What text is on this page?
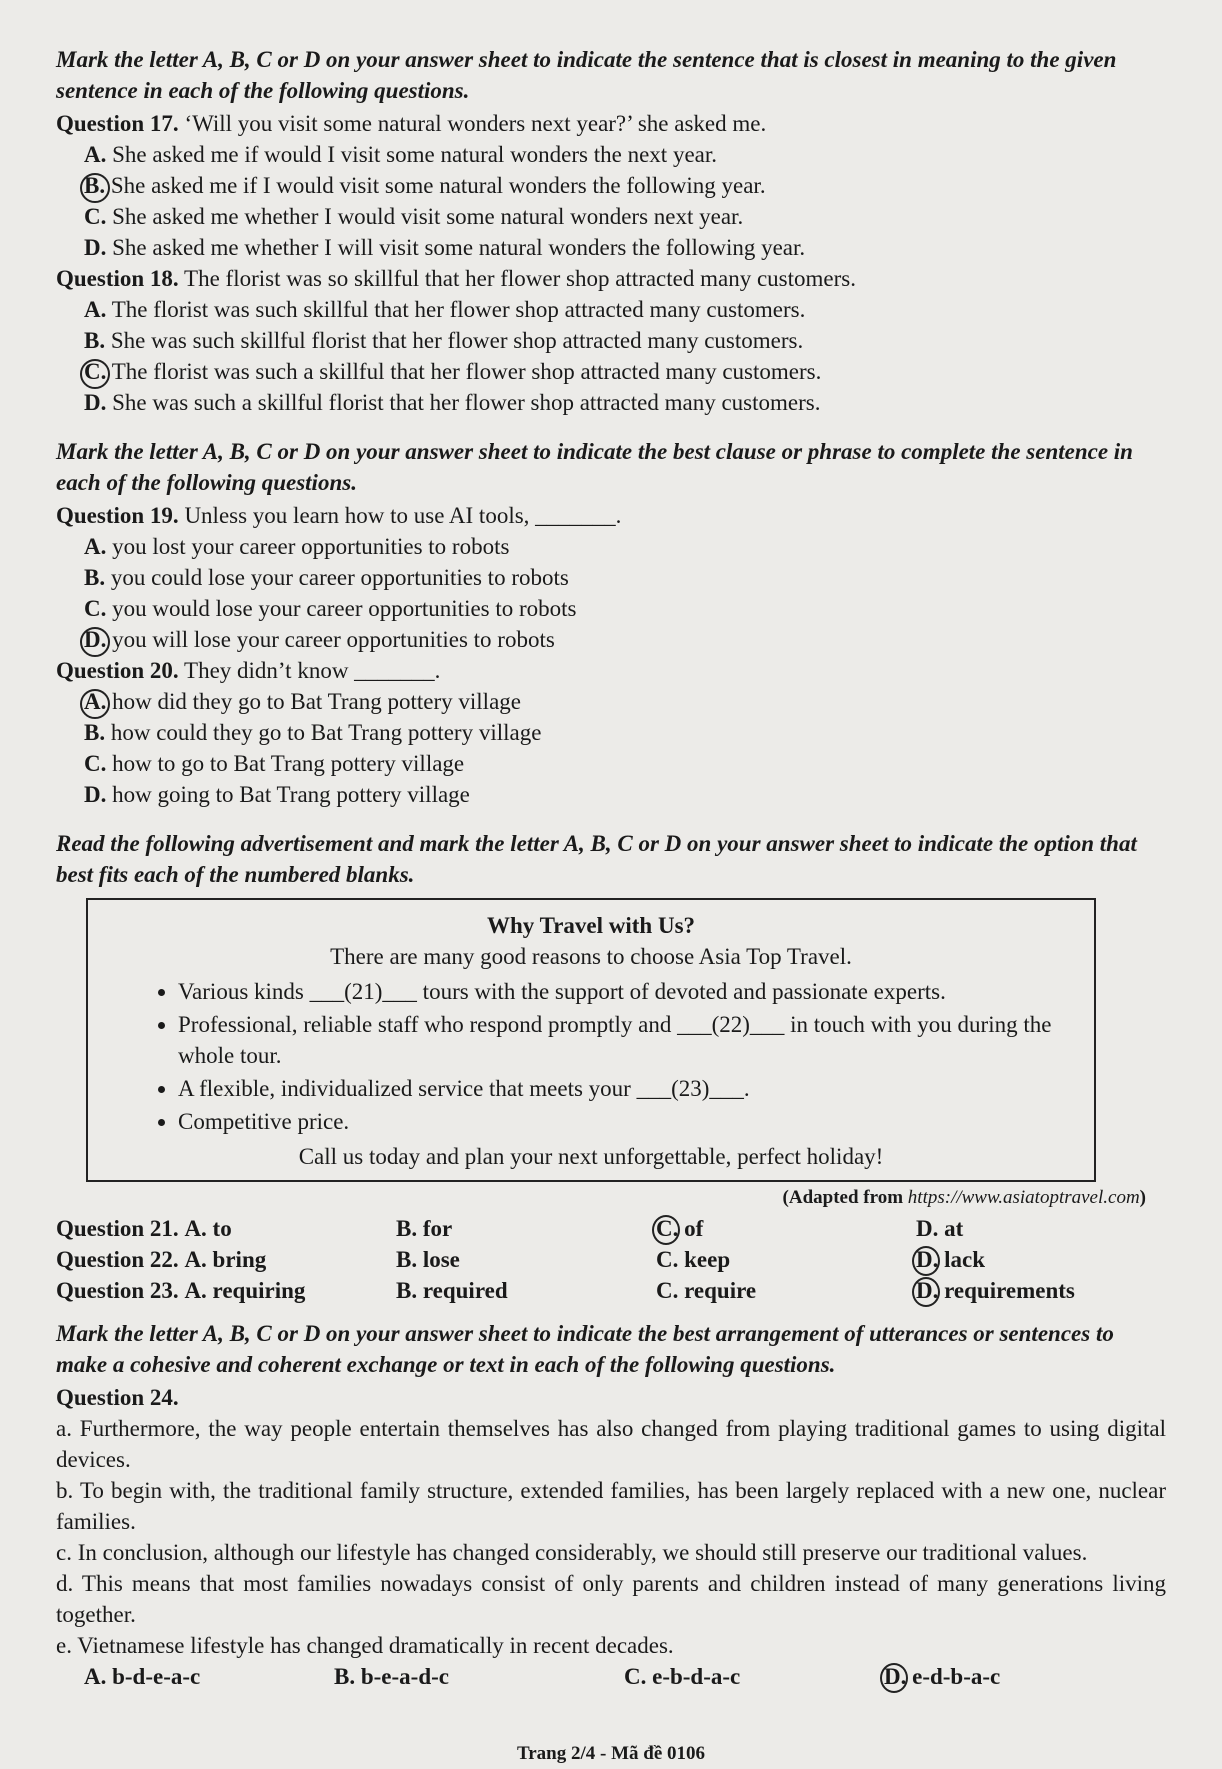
Mark the letter A, B, C or D on your answer sheet to indicate the sentence that is closest in meaning to the given sentence in each of the following questions.
Question 17. ‘Will you visit some natural wonders next year?’ she asked me.
A. She asked me if would I visit some natural wonders the next year.
B. She asked me if I would visit some natural wonders the following year.
C. She asked me whether I would visit some natural wonders next year.
D. She asked me whether I will visit some natural wonders the following year.
Question 18. The florist was so skillful that her flower shop attracted many customers.
A. The florist was such skillful that her flower shop attracted many customers.
B. She was such skillful florist that her flower shop attracted many customers.
C. The florist was such a skillful that her flower shop attracted many customers.
D. She was such a skillful florist that her flower shop attracted many customers.
Mark the letter A, B, C or D on your answer sheet to indicate the best clause or phrase to complete the sentence in each of the following questions.
Question 19. Unless you learn how to use AI tools, _______.
A. you lost your career opportunities to robots
B. you could lose your career opportunities to robots
C. you would lose your career opportunities to robots
D. you will lose your career opportunities to robots
Question 20. They didn’t know _______.
A. how did they go to Bat Trang pottery village
B. how could they go to Bat Trang pottery village
C. how to go to Bat Trang pottery village
D. how going to Bat Trang pottery village
Read the following advertisement and mark the letter A, B, C or D on your answer sheet to indicate the option that best fits each of the numbered blanks.
Why Travel with Us?
There are many good reasons to choose Asia Top Travel.
• Various kinds ___(21)___ tours with the support of devoted and passionate experts.
• Professional, reliable staff who respond promptly and ___(22)___ in touch with you during the whole tour.
• A flexible, individualized service that meets your ___(23)___.
• Competitive price.
Call us today and plan your next unforgettable, perfect holiday!
(Adapted from https://www.asiatoptravel.com)
Question 21. A. to	B. for	C. of	D. at
Question 22. A. bring	B. lose	C. keep	D. lack
Question 23. A. requiring	B. required	C. require	D. requirements
Mark the letter A, B, C or D on your answer sheet to indicate the best arrangement of utterances or sentences to make a cohesive and coherent exchange or text in each of the following questions.
Question 24.
a. Furthermore, the way people entertain themselves has also changed from playing traditional games to using digital devices.
b. To begin with, the traditional family structure, extended families, has been largely replaced with a new one, nuclear families.
c. In conclusion, although our lifestyle has changed considerably, we should still preserve our traditional values.
d. This means that most families nowadays consist of only parents and children instead of many generations living together.
e. Vietnamese lifestyle has changed dramatically in recent decades.
A. b-d-e-a-c	B. b-e-a-d-c	C. e-b-d-a-c	D. e-d-b-a-c
Trang 2/4 - Mã đề 0106
